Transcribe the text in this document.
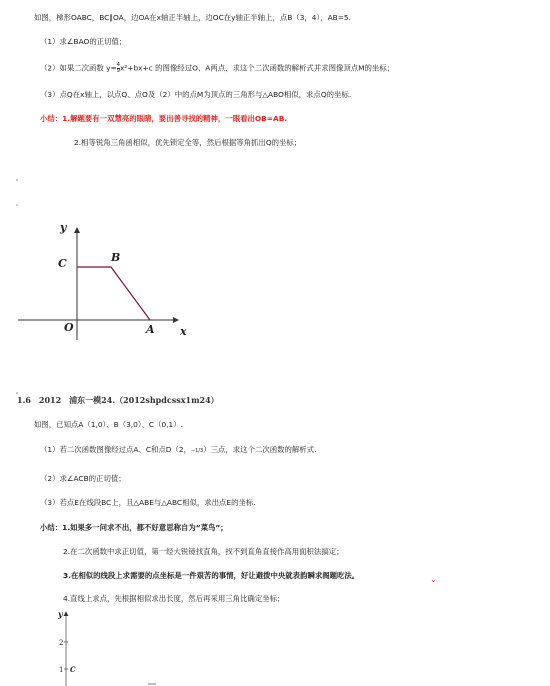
如图，梯形OABC，BC∥OA，边OA在x轴正半轴上，边OC在y轴正半轴上，点B（3，4），AB=5.
（1）求∠BAO的正切值；
（2）如果二次函数 $y= \frac{4}{9} x^2+bx+c$ 的图像经过O、A两点，求这个二次函数的解析式并求图像顶点M的坐标；
（3）点Q在x轴上，以点Q、点O及（2）中的点M为顶点的三角形与△ABO相似，求点Q的坐标.
小结：1.解题要有一双慧亮的眼睛，要出善寻找的精神，一眼看出OB=AB.
2.相等锐角三角函相似，优先锁定全等，然后根据等角抓出Q的坐标；
y
x
C	B
O	A
y
2
1 C
1.6　2012　浦东一模24.（2012shpdcssx1m24）
如图，已知点A（1,0）、B（3,0）、C（0,1）.
（1）若二次函数图像经过点A、C和点D（2，−1/3）三点，求这个二次函数的解析式.
（2）求∠ACB的正切值；
（3）若点E在线段BC上，且△ABE与△ABC相似，求出点E的坐标.
小结：1.如果多一问求不出，都不好意思称自为“菜鸟”；
2.在二次函数中求正切值，第一经大锐镜找直角，找不到直角直接作高用面积法搞定；
3.在相似的线段上求需要的点坐标是一件艰苦的事情，好让避拨中央就表韵瞬求阁题吃法。	⌄
4.直线上求点，先根据相似求出长度，然后再采用三角比确定坐标；
